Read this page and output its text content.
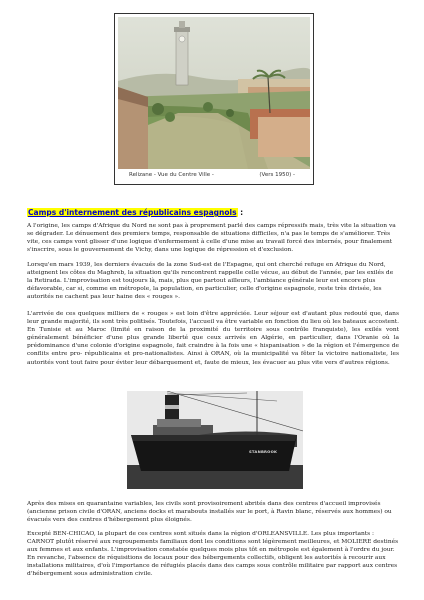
Relizane - Vue du Centre Ville -	(Vers 1950) -
Camps d'internement des républicains espagnols :

A l'origine, les camps d'Afrique du Nord ne sont pas à proprement parlé des camps répressifs mais, très vite la situation va se dégrader. Le dénuement des premiers temps, responsable de situations difficiles, n'a pas le temps de s'améliorer. Très vite, ces camps vont glisser d'une logique d'enfermement à celle d'une mise au travail forcé des internés, pour finalement s'inscrire, sous le gouvernement de Vichy, dans une logique de répression et d'exclusion.

Lorsqu'en mars 1939, les derniers évacués de la zone Sud-est de l'Espagne, qui ont cherché refuge en Afrique du Nord, atteignent les côtes du Maghreb, la situation qu'ils rencontrent rappelle celle vécue, au début de l'année, par les exilés de la Retirada. L'improvisation est toujours là, mais, plus que partout ailleurs, l'ambiance générale leur est encore plus défavorable, car si, comme en métropole, la population, en particulier, celle d'origine espagnole, reste très divisée, les autorités ne cachent pas leur haine des « rouges ».

L'arrivée de ces quelques milliers de « rouges » est loin d'être appréciée. Leur séjour est d'autant plus redouté que, dans leur grande majorité, ils sont très politisés. Toutefois, l'accueil va être variable en fonction du lieu où les bateaux accostent. En Tunisie et au Maroc (limité en raison de la proximité du territoire sous contrôle franquiste), les exilés vont généralement bénéficier d'une plus grande liberté que ceux arrivés en Algérie, en particulier, dans l'Oranie où la prédominance d'une colonie d'origine espagnole, fait craindre à la fois une « hispanisation » de la région et l'émergence de conflits entre pro- républicains et pro-nationalistes. Ainsi à ORAN, où la municipalité va fêter la victoire nationaliste, les autorités vont tout faire pour éviter leur débarquement et, faute de mieux, les évacuer au plus vite vers d'autres régions.

STANBROOK

Après des mises en quarantaine variables, les civils sont provisoirement abrités dans des centres d'accueil improvisés (ancienne prison civile d'ORAN, anciens docks et marabouts installés sur le port, à Ravin blanc, réservés aux hommes) ou évacués vers des centres d'hébergement plus éloignés.

Excepté BEN-CHICAO, la plupart de ces centres sont situés dans la région d'ORLEANSVILLE. Les plus importants : CARNOT plutôt réservé aux regroupements familiaux dont les conditions sont légèrement meilleures, et MOLIERE destinés aux femmes et aux enfants. L'improvisation constatée quelques mois plus tôt en métropole est également à l'ordre du jour. En revanche, l'absence de réquisitions de locaux pour des hébergements collectifs, obligent les autorités à recourir aux installations militaires, d'où l'importance de réfugiés placés dans des camps sous contrôle militaire par rapport aux centres d'hébergement sous administration civile.
